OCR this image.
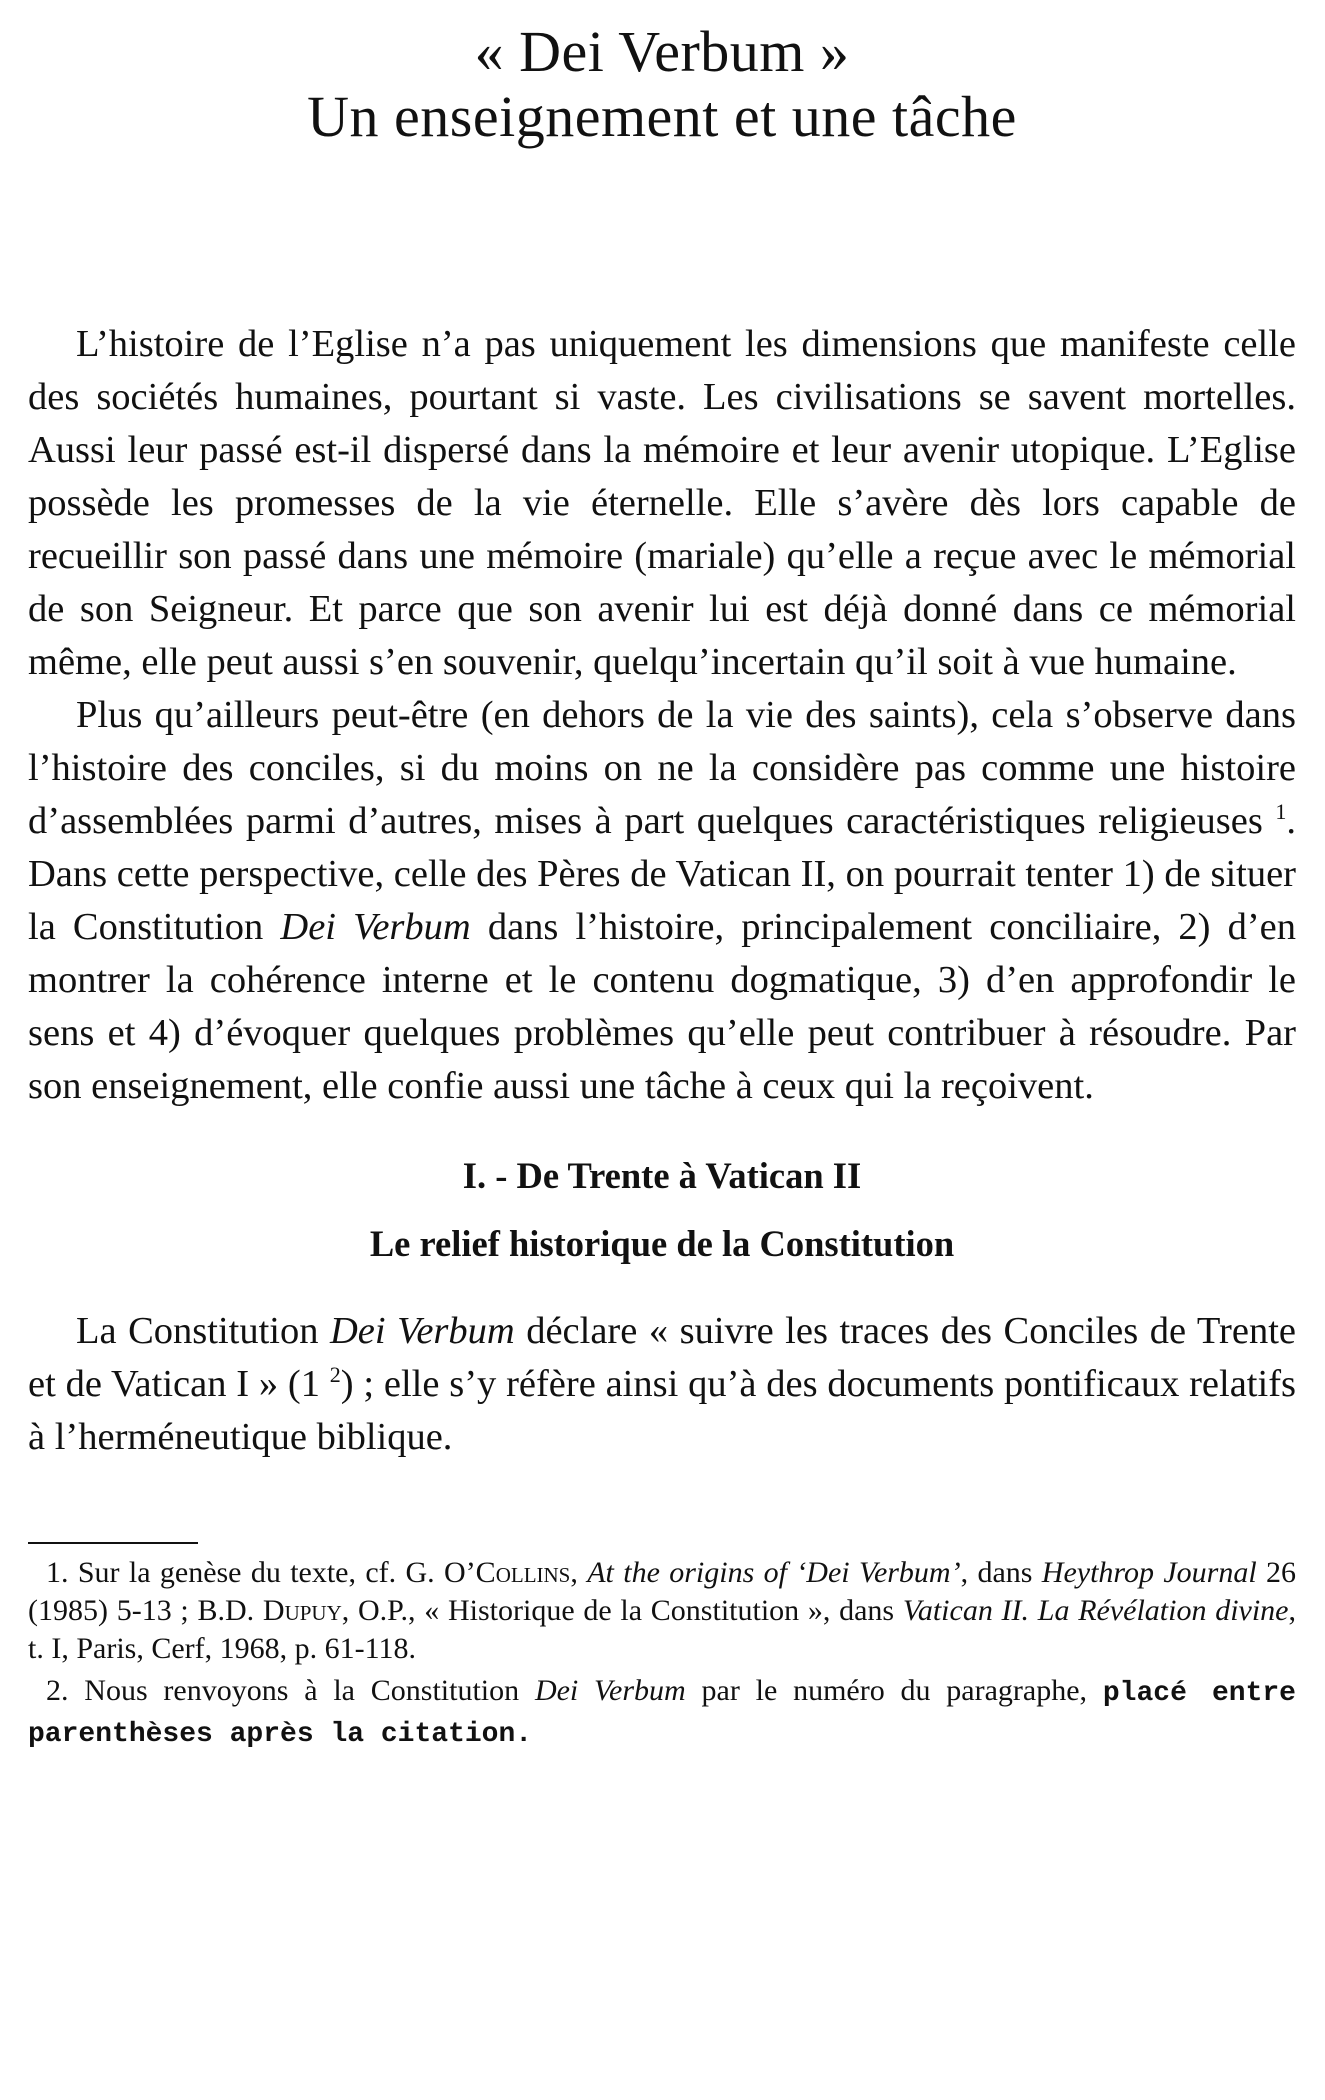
« Dei Verbum »
Un enseignement et une tâche

L’histoire de l’Eglise n’a pas uniquement les dimensions que manifeste celle des sociétés humaines, pourtant si vaste. Les civilisations se savent mortelles. Aussi leur passé est-il dispersé dans la mémoire et leur avenir utopique. L’Eglise possède les promesses de la vie éternelle. Elle s’avère dès lors capable de recueillir son passé dans une mémoire (mariale) qu’elle a reçue avec le mémorial de son Seigneur. Et parce que son avenir lui est déjà donné dans ce mémorial même, elle peut aussi s’en souvenir, quelqu’incertain qu’il soit à vue humaine.

Plus qu’ailleurs peut-être (en dehors de la vie des saints), cela s’observe dans l’histoire des conciles, si du moins on ne la considère pas comme une histoire d’assemblées parmi d’autres, mises à part quelques caractéristiques religieuses $^1$. Dans cette perspective, celle des Pères de Vatican II, on pourrait tenter 1) de situer la Constitution Dei Verbum dans l’histoire, principalement conciliaire, 2) d’en montrer la cohérence interne et le contenu dogmatique, 3) d’en approfondir le sens et 4) d’évoquer quelques problèmes qu’elle peut contribuer à résoudre. Par son enseignement, elle confie aussi une tâche à ceux qui la reçoivent.

I. - De Trente à Vatican II
Le relief historique de la Constitution

La Constitution Dei Verbum déclare « suivre les traces des Conciles de Trente et de Vatican I » (1 $^2$) ; elle s’y réfère ainsi qu’à des documents pontificaux relatifs à l’herméneutique biblique.

1. Sur la genèse du texte, cf. G. O’Collins, At the origins of ‘Dei Verbum’, dans Heythrop Journal 26 (1985) 5-13 ; B.D. Dupuy, O.P., « Historique de la Constitution », dans Vatican II. La Révélation divine, t. I, Paris, Cerf, 1968, p. 61-118.

2. Nous renvoyons à la Constitution Dei Verbum par le numéro du paragraphe, placé entre parenthèses après la citation.
